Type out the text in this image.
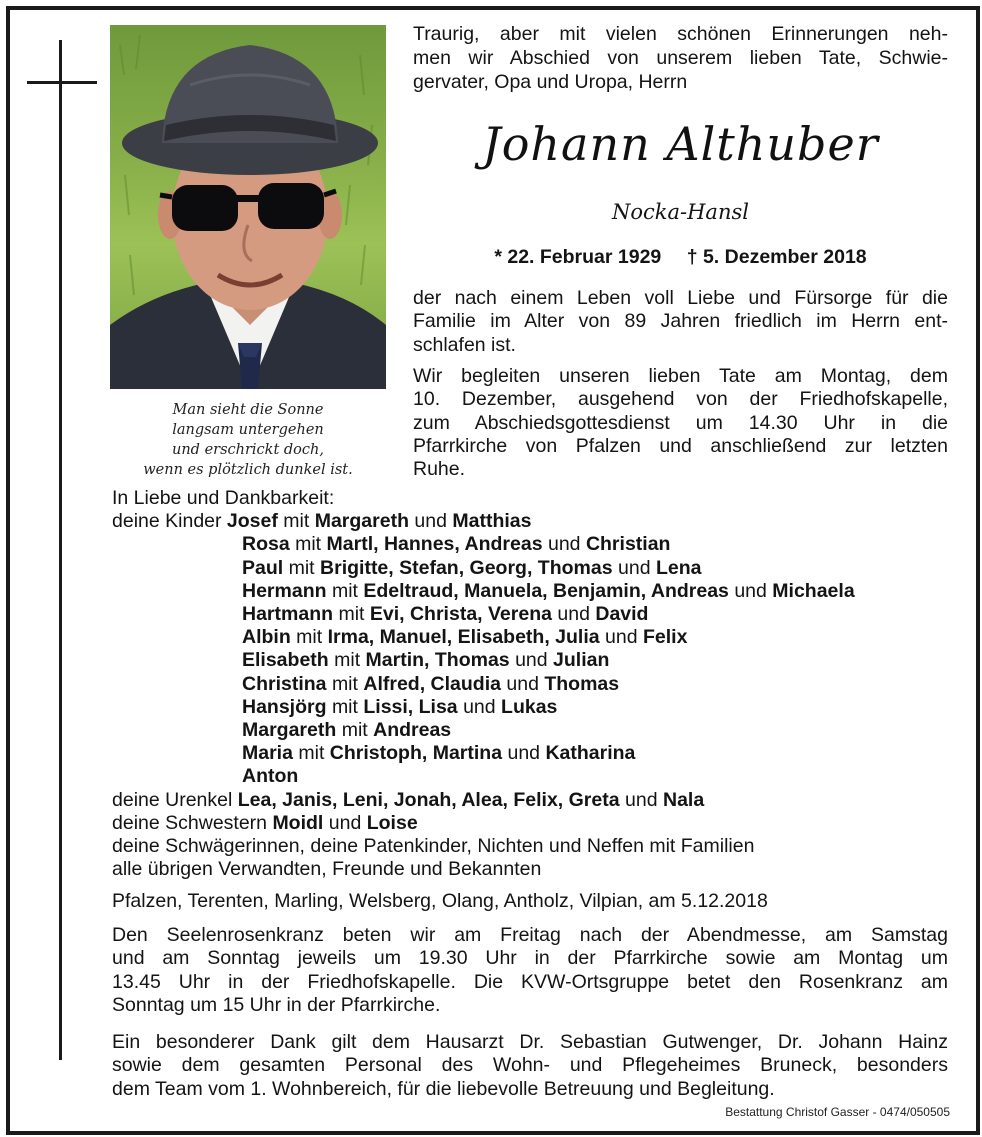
Man sieht die Sonne
langsam untergehen
und erschrickt doch,
wenn es plötzlich dunkel ist.
Traurig, aber mit vielen schönen Erinnerungen neh-
men wir Abschied von unserem lieben Tate, Schwie-
gervater, Opa und Uropa, Herrn
Johann Althuber
Nocka-Hansl
* 22. Februar 1929 † 5. Dezember 2018
der nach einem Leben voll Liebe und Fürsorge für die
Familie im Alter von 89 Jahren friedlich im Herrn ent-
schlafen ist.
Wir begleiten unseren lieben Tate am Montag, dem
10. Dezember, ausgehend von der Friedhofskapelle,
zum Abschiedsgottesdienst um 14.30 Uhr in die
Pfarrkirche von Pfalzen und anschließend zur letzten
Ruhe.
In Liebe und Dankbarkeit:
deine Kinder Josef mit Margareth und Matthias
Rosa mit Martl, Hannes, Andreas und Christian
Paul mit Brigitte, Stefan, Georg, Thomas und Lena
Hermann mit Edeltraud, Manuela, Benjamin, Andreas und Michaela
Hartmann mit Evi, Christa, Verena und David
Albin mit Irma, Manuel, Elisabeth, Julia und Felix
Elisabeth mit Martin, Thomas und Julian
Christina mit Alfred, Claudia und Thomas
Hansjörg mit Lissi, Lisa und Lukas
Margareth mit Andreas
Maria mit Christoph, Martina und Katharina
Anton
deine Urenkel Lea, Janis, Leni, Jonah, Alea, Felix, Greta und Nala
deine Schwestern Moidl und Loise
deine Schwägerinnen, deine Patenkinder, Nichten und Neffen mit Familien
alle übrigen Verwandten, Freunde und Bekannten
Pfalzen, Terenten, Marling, Welsberg, Olang, Antholz, Vilpian, am 5.12.2018
Den Seelenrosenkranz beten wir am Freitag nach der Abendmesse, am Samstag
und am Sonntag jeweils um 19.30 Uhr in der Pfarrkirche sowie am Montag um
13.45 Uhr in der Friedhofskapelle. Die KVW-Ortsgruppe betet den Rosenkranz am
Sonntag um 15 Uhr in der Pfarrkirche.
Ein besonderer Dank gilt dem Hausarzt Dr. Sebastian Gutwenger, Dr. Johann Hainz
sowie dem gesamten Personal des Wohn- und Pflegeheimes Bruneck, besonders
dem Team vom 1. Wohnbereich, für die liebevolle Betreuung und Begleitung.
Bestattung Christof Gasser - 0474/050505
